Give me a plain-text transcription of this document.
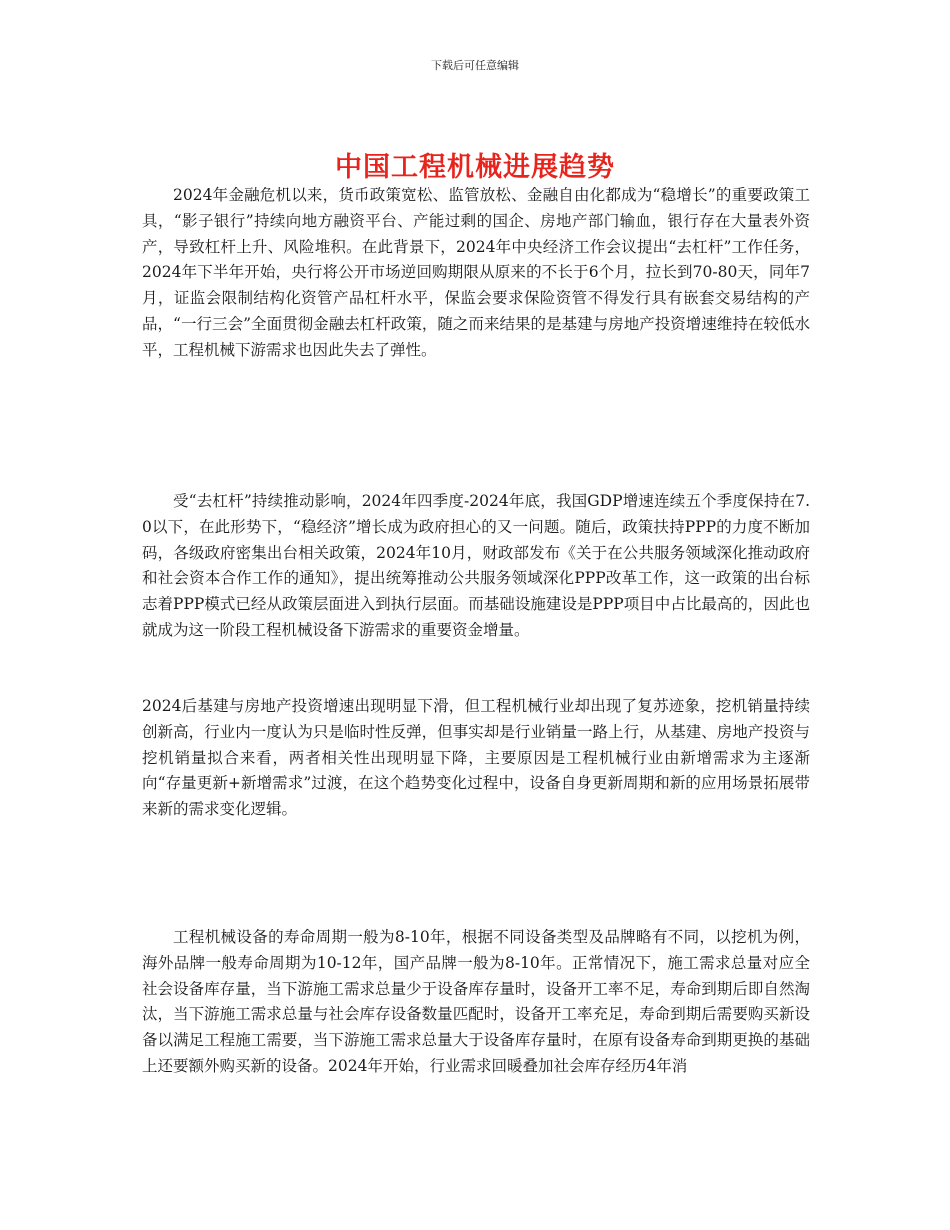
下载后可任意编辑
中国工程机械进展趋势

2024年金融危机以来，货币政策宽松、监管放松、金融自由化都成为“稳增长”的重要政策工具，“影子银行”持续向地方融资平台、产能过剩的国企、房地产部门输血，银行存在大量表外资产，导致杠杆上升、风险堆积。在此背景下，2024年中央经济工作会议提出“去杠杆”工作任务，2024年下半年开始，央行将公开市场逆回购期限从原来的不长于6个月，拉长到70-80天，同年7月，证监会限制结构化资管产品杠杆水平，保监会要求保险资管不得发行具有嵌套交易结构的产品，“一行三会”全面贯彻金融去杠杆政策，随之而来结果的是基建与房地产投资增速维持在较低水平，工程机械下游需求也因此失去了弹性。

受“去杠杆”持续推动影响，2024年四季度-2024年底，我国GDP增速连续五个季度保持在7.0以下，在此形势下，“稳经济”增长成为政府担心的又一问题。随后，政策扶持PPP的力度不断加码，各级政府密集出台相关政策，2024年10月，财政部发布《关于在公共服务领域深化推动政府和社会资本合作工作的通知》，提出统筹推动公共服务领域深化PPP改革工作，这一政策的出台标志着PPP模式已经从政策层面进入到执行层面。而基础设施建设是PPP项目中占比最高的，因此也就成为这一阶段工程机械设备下游需求的重要资金增量。

2024后基建与房地产投资增速出现明显下滑，但工程机械行业却出现了复苏迹象，挖机销量持续创新高，行业内一度认为只是临时性反弹，但事实却是行业销量一路上行，从基建、房地产投资与挖机销量拟合来看，两者相关性出现明显下降，主要原因是工程机械行业由新增需求为主逐渐向“存量更新+新增需求”过渡，在这个趋势变化过程中，设备自身更新周期和新的应用场景拓展带来新的需求变化逻辑。

工程机械设备的寿命周期一般为8-10年，根据不同设备类型及品牌略有不同，以挖机为例，海外品牌一般寿命周期为10-12年，国产品牌一般为8-10年。正常情况下，施工需求总量对应全社会设备库存量，当下游施工需求总量少于设备库存量时，设备开工率不足，寿命到期后即自然淘汰，当下游施工需求总量与社会库存设备数量匹配时，设备开工率充足，寿命到期后需要购买新设备以满足工程施工需要，当下游施工需求总量大于设备库存量时，在原有设备寿命到期更换的基础上还要额外购买新的设备。2024年开始，行业需求回暖叠加社会库存经历4年消
